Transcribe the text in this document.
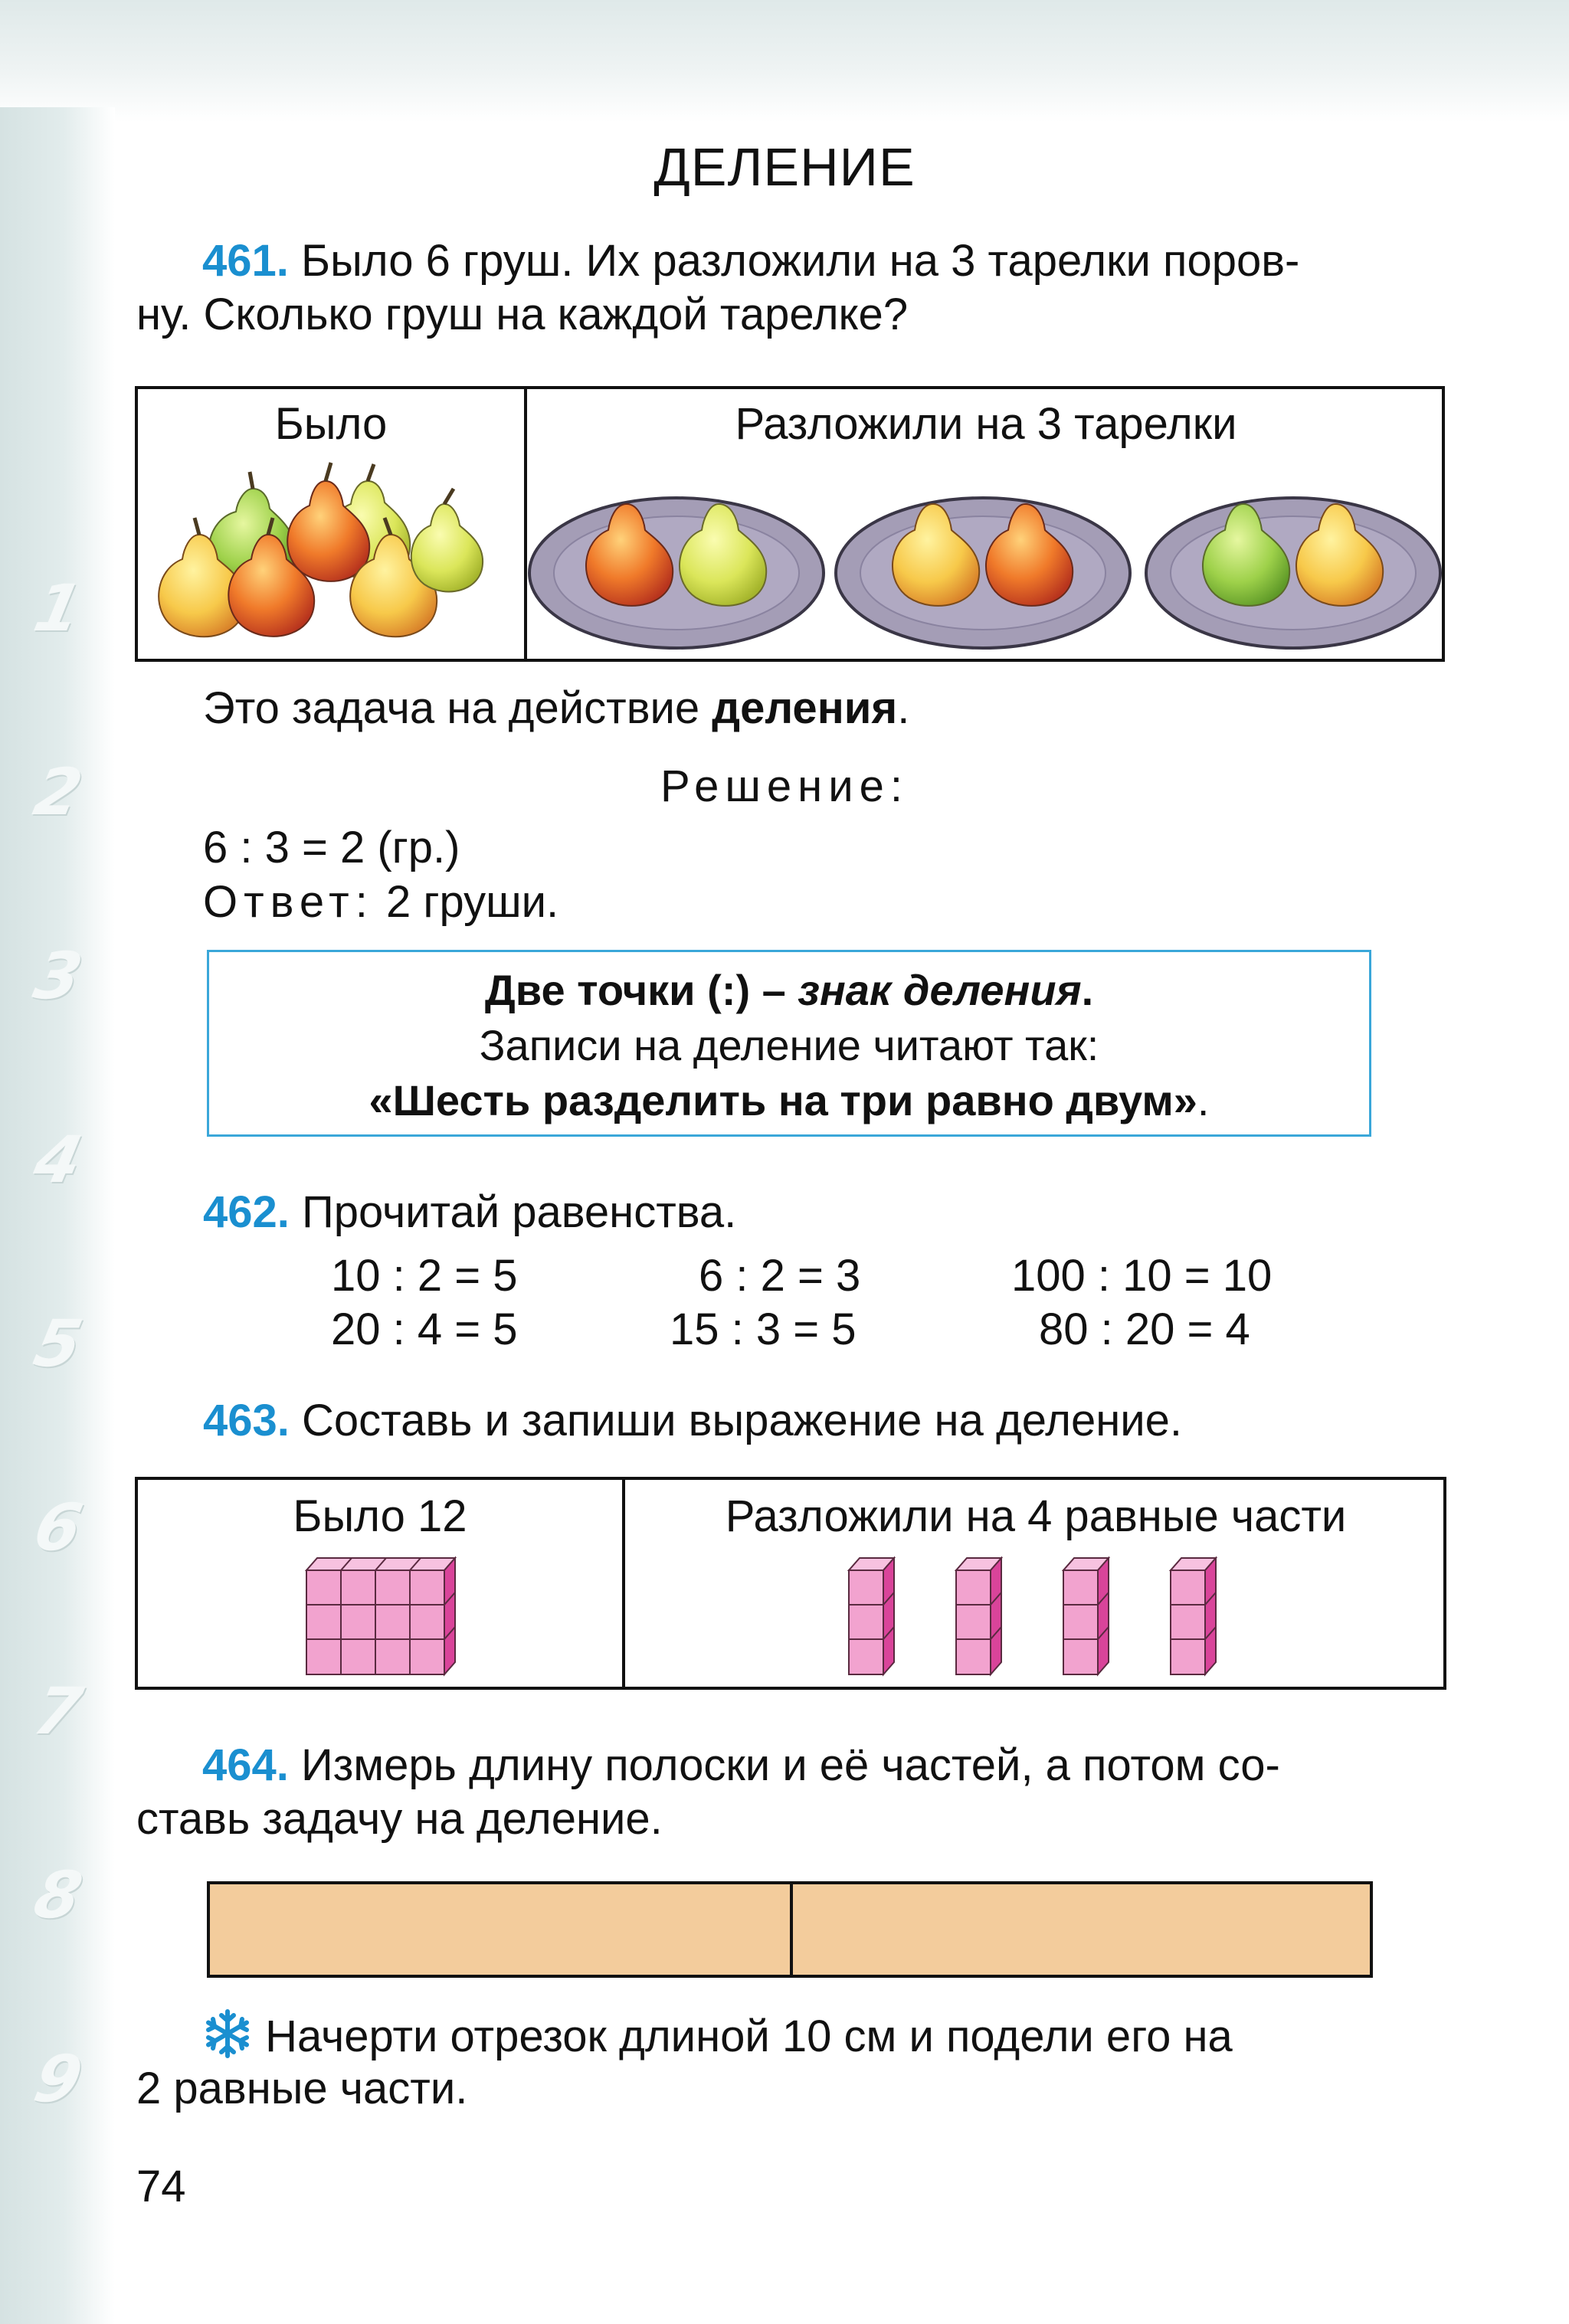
1
2
3
4
5
6
7
8
9
ДЕЛЕНИЕ
461. Было 6 груш. Их разложили на 3 тарелки поров-
ну. Сколько груш на каждой тарелке?
Было	Разложили на 3 тарелки
Это задача на действие деления.
Решение:
6 : 3 = 2 (гр.)
Ответ: 2 груши.
Две точки (:) – знак деления.
Записи на деление читают так:
«Шесть разделить на три равно двум».
462. Прочитай равенства.
10 : 2 = 5	6 : 2 = 3	100 : 10 = 10
20 : 4 = 5	15 : 3 = 5	80 : 20 = 4
463. Составь и запиши выражение на деление.
Было 12	Разложили на 4 равные части
464. Измерь длину полоски и её частей, а потом со-
ставь задачу на деление.
Начерти отрезок длиной 10 см и подели его на
2 равные части.
74
